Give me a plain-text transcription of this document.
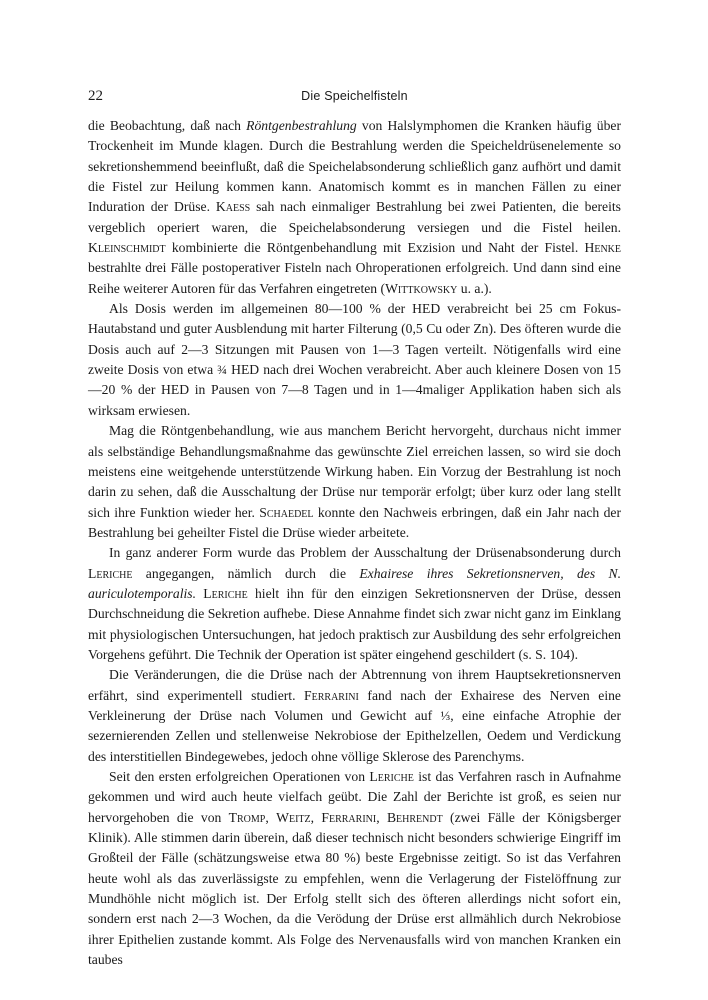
22	Die Speichelfisteln

die Beobachtung, daß nach Röntgenbestrahlung von Halslymphomen die Kranken häufig über Trockenheit im Munde klagen. Durch die Bestrahlung werden die Speicheldrüsenelemente so sekretionshemmend beeinflußt, daß die Speichelabsonderung schließlich ganz aufhört und damit die Fistel zur Heilung kommen kann. Anatomisch kommt es in manchen Fällen zu einer Induration der Drüse. Kaess sah nach einmaliger Bestrahlung bei zwei Patienten, die bereits vergeblich operiert waren, die Speichelabsonderung versiegen und die Fistel heilen. Kleinschmidt kombinierte die Röntgenbehandlung mit Exzision und Naht der Fistel. Henke bestrahlte drei Fälle postoperativer Fisteln nach Ohroperationen erfolgreich. Und dann sind eine Reihe weiterer Autoren für das Verfahren eingetreten (Wittkowsky u. a.).

Als Dosis werden im allgemeinen 80—100 % der HED verabreicht bei 25 cm Fokus-Hautabstand und guter Ausblendung mit harter Filterung (0,5 Cu oder Zn). Des öfteren wurde die Dosis auch auf 2—3 Sitzungen mit Pausen von 1—3 Tagen verteilt. Nötigenfalls wird eine zweite Dosis von etwa ¾ HED nach drei Wochen verabreicht. Aber auch kleinere Dosen von 15—20 % der HED in Pausen von 7—8 Tagen und in 1—4maliger Applikation haben sich als wirksam erwiesen.

Mag die Röntgenbehandlung, wie aus manchem Bericht hervorgeht, durchaus nicht immer als selbständige Behandlungsmaßnahme das gewünschte Ziel erreichen lassen, so wird sie doch meistens eine weitgehende unterstützende Wirkung haben. Ein Vorzug der Bestrahlung ist noch darin zu sehen, daß die Ausschaltung der Drüse nur temporär erfolgt; über kurz oder lang stellt sich ihre Funktion wieder her. Schaedel konnte den Nachweis erbringen, daß ein Jahr nach der Bestrahlung bei geheilter Fistel die Drüse wieder arbeitete.

In ganz anderer Form wurde das Problem der Ausschaltung der Drüsenabsonderung durch Leriche angegangen, nämlich durch die Exhairese ihres Sekretionsnerven, des N. auriculotemporalis. Leriche hielt ihn für den einzigen Sekretionsnerven der Drüse, dessen Durchschneidung die Sekretion aufhebe. Diese Annahme findet sich zwar nicht ganz im Einklang mit physiologischen Untersuchungen, hat jedoch praktisch zur Ausbildung des sehr erfolgreichen Vorgehens geführt. Die Technik der Operation ist später eingehend geschildert (s. S. 104).

Die Veränderungen, die die Drüse nach der Abtrennung von ihrem Hauptsekretionsnerven erfährt, sind experimentell studiert. Ferrarini fand nach der Exhairese des Nerven eine Verkleinerung der Drüse nach Volumen und Gewicht auf ⅓, eine einfache Atrophie der sezernierenden Zellen und stellenweise Nekrobiose der Epithelzellen, Oedem und Verdickung des interstitiellen Bindegewebes, jedoch ohne völlige Sklerose des Parenchyms.

Seit den ersten erfolgreichen Operationen von Leriche ist das Verfahren rasch in Aufnahme gekommen und wird auch heute vielfach geübt. Die Zahl der Berichte ist groß, es seien nur hervorgehoben die von Tromp, Weitz, Ferrarini, Behrendt (zwei Fälle der Königsberger Klinik). Alle stimmen darin überein, daß dieser technisch nicht besonders schwierige Eingriff im Großteil der Fälle (schätzungsweise etwa 80 %) beste Ergebnisse zeitigt. So ist das Verfahren heute wohl als das zuverlässigste zu empfehlen, wenn die Verlagerung der Fistelöffnung zur Mundhöhle nicht möglich ist. Der Erfolg stellt sich des öfteren allerdings nicht sofort ein, sondern erst nach 2—3 Wochen, da die Verödung der Drüse erst allmählich durch Nekrobiose ihrer Epithelien zustande kommt. Als Folge des Nervenausfalls wird von manchen Kranken ein taubes
